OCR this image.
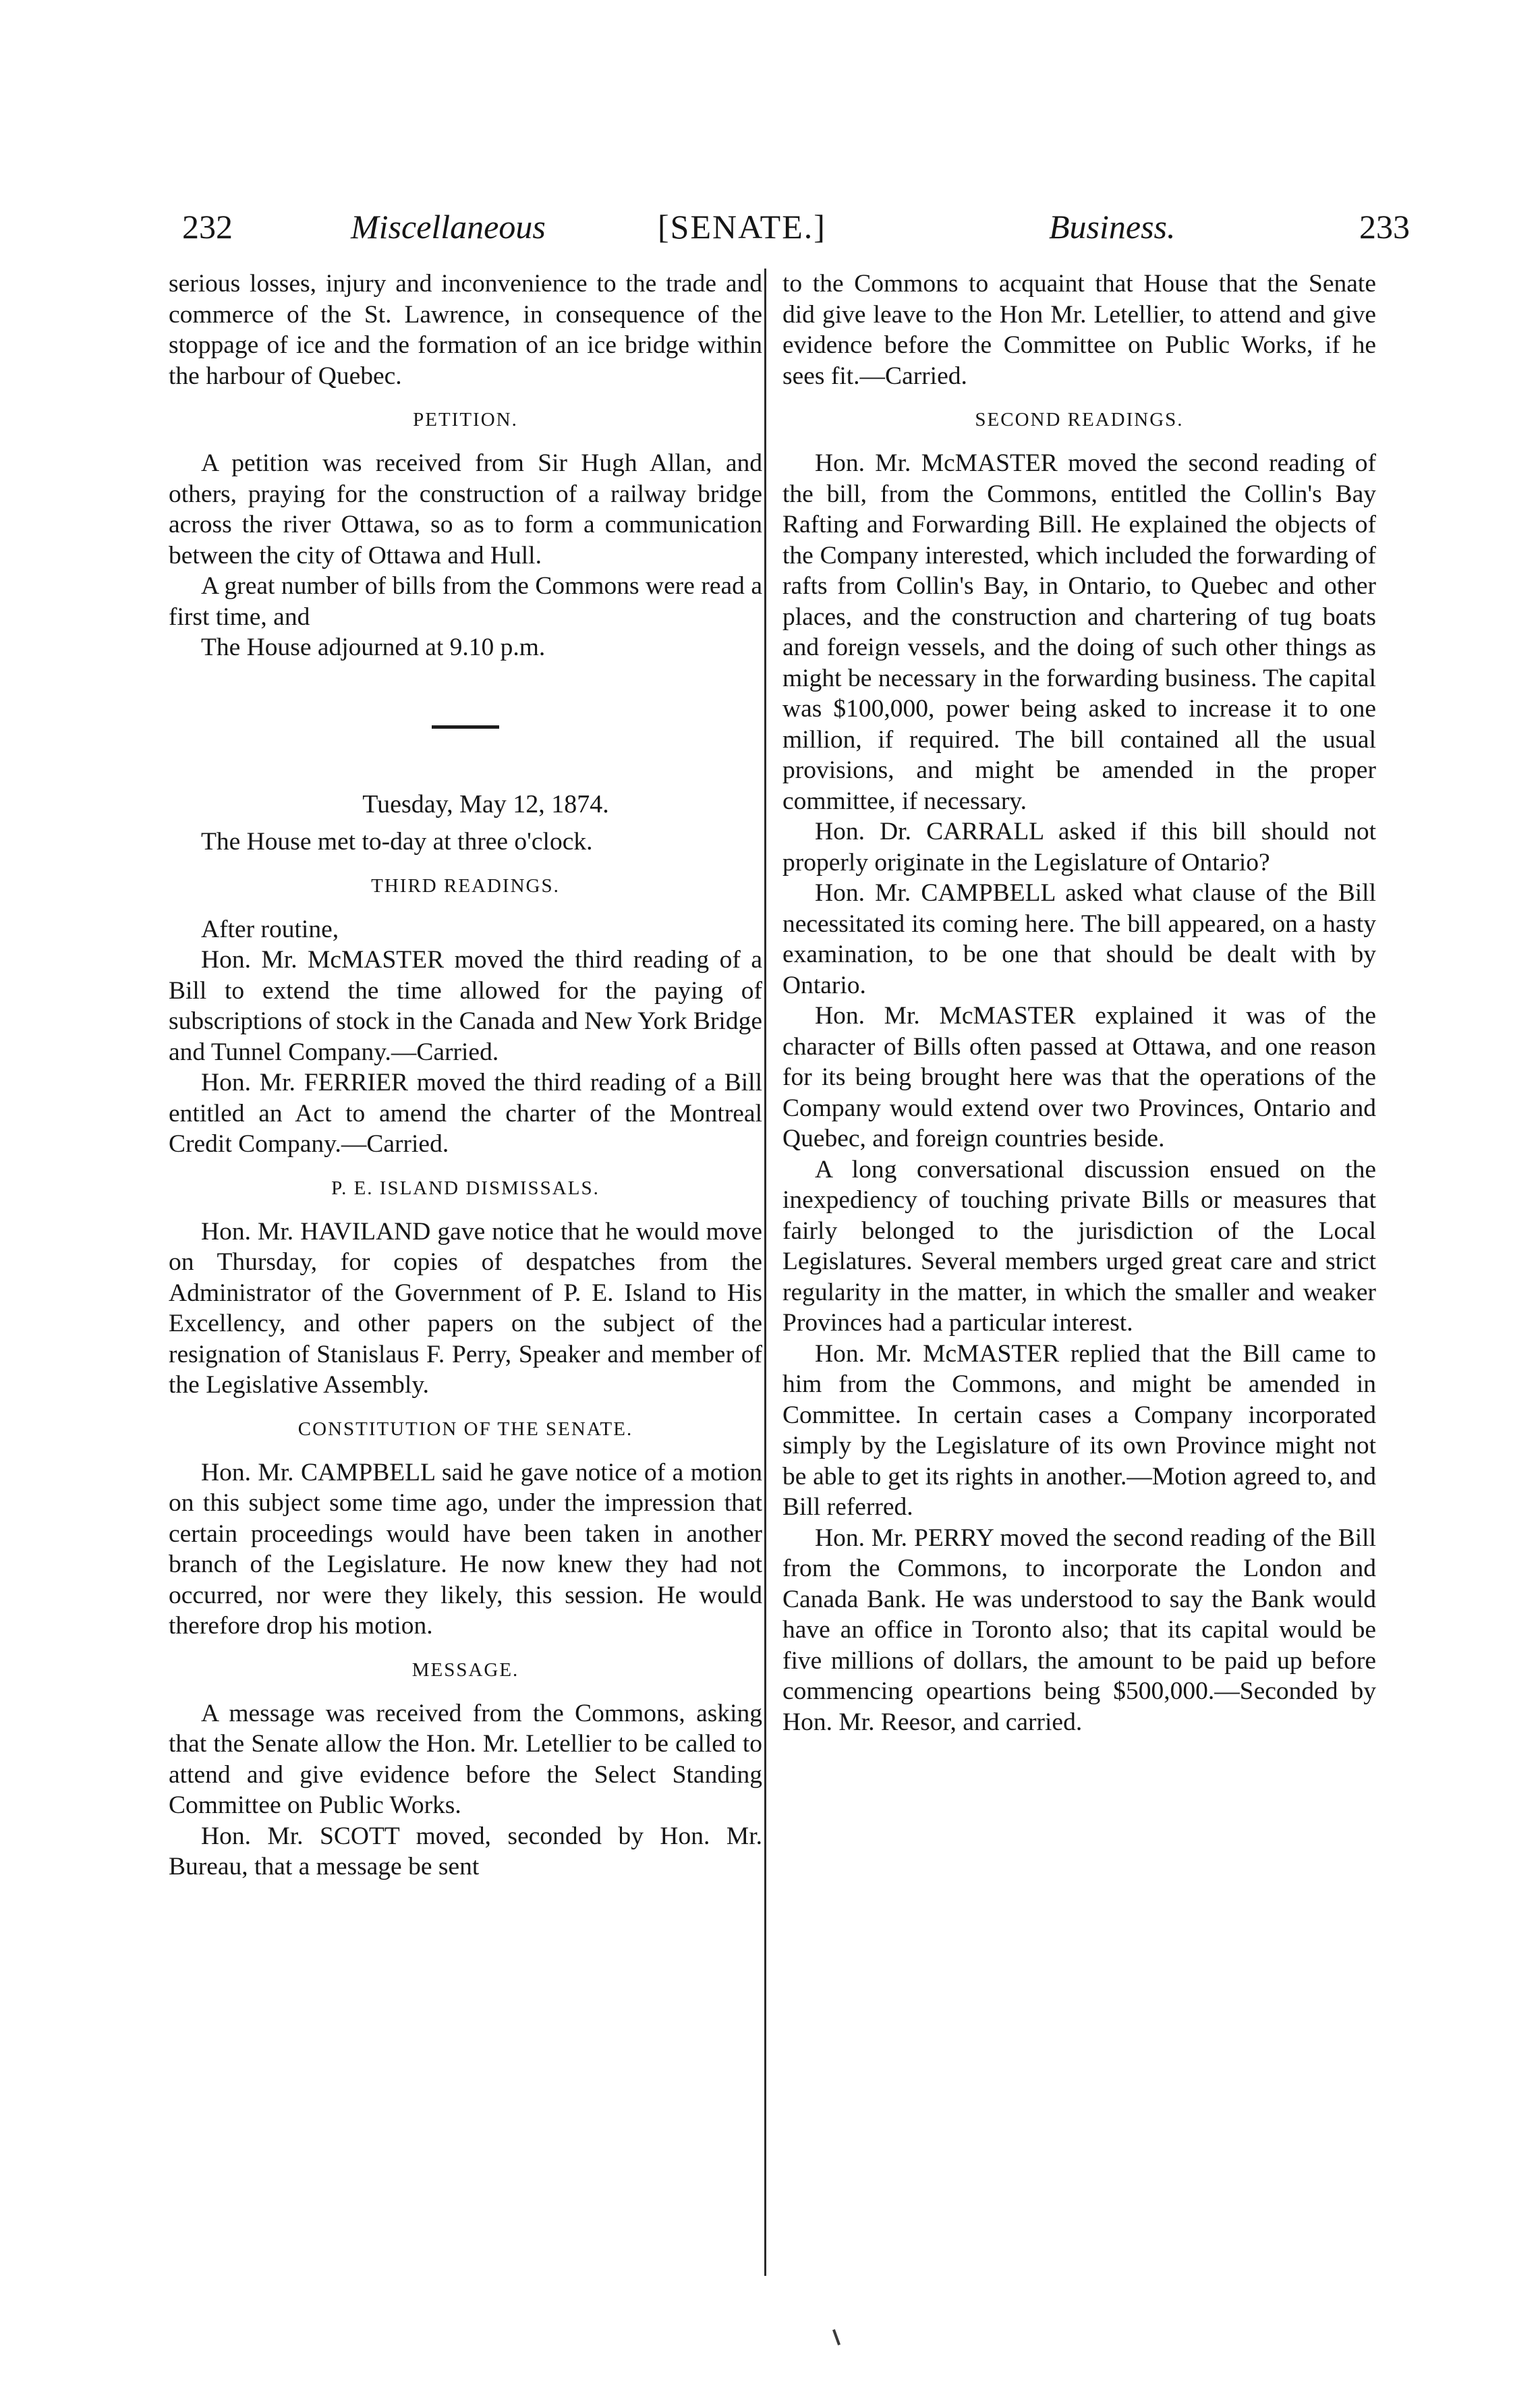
232	Miscellaneous	[SENATE.]	Business.	233

serious losses, injury and inconvenience to the trade and commerce of the St. Lawrence, in consequence of the stoppage of ice and the formation of an ice bridge within the harbour of Quebec.

PETITION.

A petition was received from Sir Hugh Allan, and others, praying for the construction of a railway bridge across the river Ottawa, so as to form a communication between the city of Ottawa and Hull.

A great number of bills from the Commons were read a first time, and

The House adjourned at 9.10 p.m.

Tuesday, May 12, 1874.

The House met to-day at three o'clock.

THIRD READINGS.

After routine,

Hon. Mr. McMASTER moved the third reading of a Bill to extend the time allowed for the paying of subscriptions of stock in the Canada and New York Bridge and Tunnel Company.—Carried.

Hon. Mr. FERRIER moved the third reading of a Bill entitled an Act to amend the charter of the Montreal Credit Company.—Carried.

P. E. ISLAND DISMISSALS.

Hon. Mr. HAVILAND gave notice that he would move on Thursday, for copies of despatches from the Administrator of the Government of P. E. Island to His Excellency, and other papers on the subject of the resignation of Stanislaus F. Perry, Speaker and member of the Legislative Assembly.

CONSTITUTION OF THE SENATE.

Hon. Mr. CAMPBELL said he gave notice of a motion on this subject some time ago, under the impression that certain proceedings would have been taken in another branch of the Legislature. He now knew they had not occurred, nor were they likely, this session. He would therefore drop his motion.

MESSAGE.

A message was received from the Commons, asking that the Senate allow the Hon. Mr. Letellier to be called to attend and give evidence before the Select Standing Committee on Public Works.

Hon. Mr. SCOTT moved, seconded by Hon. Mr. Bureau, that a message be sent

to the Commons to acquaint that House that the Senate did give leave to the Hon Mr. Letellier, to attend and give evidence before the Committee on Public Works, if he sees fit.—Carried.

SECOND READINGS.

Hon. Mr. McMASTER moved the second reading of the bill, from the Commons, entitled the Collin's Bay Rafting and Forwarding Bill. He explained the objects of the Company interested, which included the forwarding of rafts from Collin's Bay, in Ontario, to Quebec and other places, and the construction and chartering of tug boats and foreign vessels, and the doing of such other things as might be necessary in the forwarding business. The capital was $100,000, power being asked to increase it to one million, if required. The bill contained all the usual provisions, and might be amended in the proper committee, if necessary.

Hon. Dr. CARRALL asked if this bill should not properly originate in the Legislature of Ontario?

Hon. Mr. CAMPBELL asked what clause of the Bill necessitated its coming here. The bill appeared, on a hasty examination, to be one that should be dealt with by Ontario.

Hon. Mr. McMASTER explained it was of the character of Bills often passed at Ottawa, and one reason for its being brought here was that the operations of the Company would extend over two Provinces, Ontario and Quebec, and foreign countries beside.

A long conversational discussion ensued on the inexpediency of touching private Bills or measures that fairly belonged to the jurisdiction of the Local Legislatures. Several members urged great care and strict regularity in the matter, in which the smaller and weaker Provinces had a particular interest.

Hon. Mr. McMASTER replied that the Bill came to him from the Commons, and might be amended in Committee. In certain cases a Company incorporated simply by the Legislature of its own Province might not be able to get its rights in another.—Motion agreed to, and Bill referred.

Hon. Mr. PERRY moved the second reading of the Bill from the Commons, to incorporate the London and Canada Bank. He was understood to say the Bank would have an office in Toronto also; that its capital would be five millions of dollars, the amount to be paid up before commencing opeartions being $500,000.—Seconded by Hon. Mr. Reesor, and carried.
